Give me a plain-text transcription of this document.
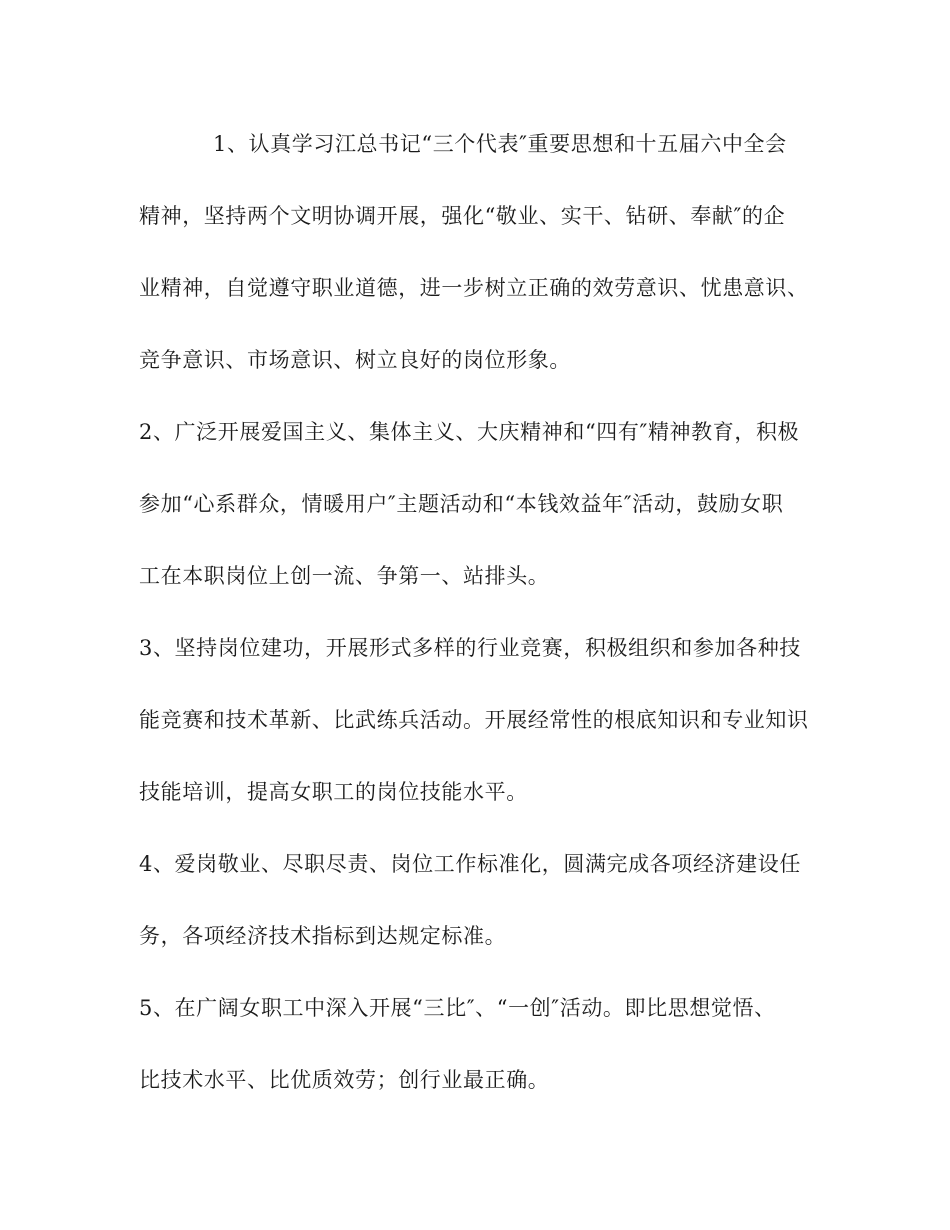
1、认真学习江总书记“三个代表″重要思想和十五届六中全会
精神，坚持两个文明协调开展，强化“敬业、实干、钻研、奉献″的企
业精神，自觉遵守职业道德，进一步树立正确的效劳意识、忧患意识、
竞争意识、市场意识、树立良好的岗位形象。
2、广泛开展爱国主义、集体主义、大庆精神和“四有″精神教育，积极
参加“心系群众，情暖用户″主题活动和“本钱效益年″活动，鼓励女职
工在本职岗位上创一流、争第一、站排头。
3、坚持岗位建功，开展形式多样的行业竞赛，积极组织和参加各种技
能竞赛和技术革新、比武练兵活动。开展经常性的根底知识和专业知识
技能培训，提高女职工的岗位技能水平。
4、爱岗敬业、尽职尽责、岗位工作标准化，圆满完成各项经济建设任
务，各项经济技术指标到达规定标准。
5、在广阔女职工中深入开展“三比″、“一创″活动。即比思想觉悟、
比技术水平、比优质效劳；创行业最正确。
